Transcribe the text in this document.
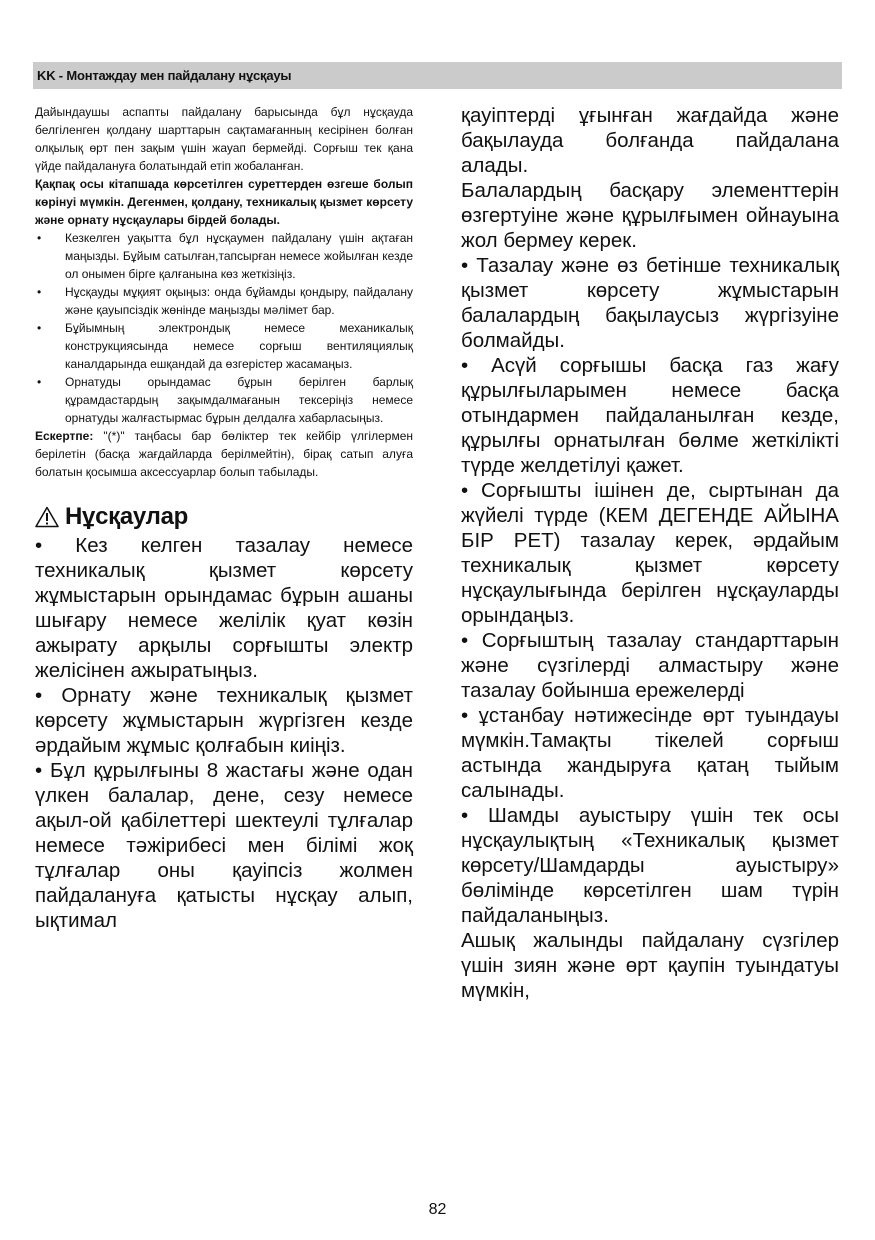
KK - Монтаждау мен пайдалану нұсқауы

Дайындаушы аспапты пайдалану барысында бұл нұсқауда белгіленген қолдану шарттарын сақтамағанның кесірінен болған олқылық өрт пен зақым үшін жауап бермейді. Сорғыш тек қана үйде пайдалануға болатындай етіп жобаланған.

Қақпақ осы кітапшада көрсетілген суреттерден өзгеше болып көрінуі мүмкін. Дегенмен, қолдану, техникалық қызмет көрсету және орнату нұсқаулары бірдей болады.

• Кезкелген уақытта бұл нұсқаумен пайдалану үшін ақтаған маңызды. Бұйым сатылған,тапсырған немесе жойылған кезде ол онымен бірге қалғанына көз жеткізіңіз.
• Нұсқауды мұқият оқыңыз: онда бұйамды қондыру, пайдалану және қауыпсіздік жөнінде маңызды мәлімет бар.
• Бұйымның электрондық немесе механикалық конструкциясында немесе сорғыш вентиляциялық каналдарында ешқандай да өзгерістер жасамаңыз.
• Орнатуды орындамас бұрын берілген барлық құрамдастардың зақымдалмағанын тексеріңіз немесе орнатуды жалғастырмас бұрын делдалға хабарласыңыз.

Ескертпе: "(*)" таңбасы бар бөліктер тек кейбір үлгілермен берілетін (басқа жағдайларда берілмейтін), бірақ сатып алуға болатын қосымша аксессуарлар болып табылады.

Нұсқаулар

• Кез келген тазалау немесе техникалық қызмет көрсету жұмыстарын орындамас бұрын ашаны шығару немесе желілік қуат көзін ажырату арқылы сорғышты электр желісінен ажыратыңыз.

• Орнату және техникалық қызмет көрсету жұмыстарын жүргізген кезде әрдайым жұмыс қолғабын киіңіз.

• Бұл құрылғыны 8 жастағы және одан үлкен балалар, дене, сезу немесе ақыл-ой қабілеттері шектеулі тұлғалар немесе тәжірибесі мен білімі жоқ тұлғалар оны қауіпсіз жолмен пайдалануға қатысты нұсқау алып, ықтимал

қауіптерді ұғынған жағдайда және бақылауда болғанда пайдалана алады.

Балалардың басқару элементтерін өзгертуіне және құрылғымен ойнауына жол бермеу керек.

• Тазалау және өз бетінше техникалық қызмет көрсету жұмыстарын балалардың бақылаусыз жүргізуіне болмайды.

• Асүй сорғышы басқа газ жағу құрылғыларымен немесе басқа отындармен пайдаланылған кезде, құрылғы орнатылған бөлме жеткілікті түрде желдетілуі қажет.

• Сорғышты ішінен де, сыртынан да жүйелі түрде (КЕМ ДЕГЕНДЕ АЙЫНА БІР РЕТ) тазалау керек, әрдайым техникалық қызмет көрсету нұсқаулығында берілген нұсқауларды орындаңыз.

• Сорғыштың тазалау стандарттарын және сүзгілерді алмастыру және тазалау бойынша ережелерді

• ұстанбау нәтижесінде өрт туындауы мүмкін.Тамақты тікелей сорғыш астында жандыруға қатаң тыйым салынады.

• Шамды ауыстыру үшін тек осы нұсқаулықтың «Техникалық қызмет көрсету/Шамдарды ауыстыру» бөлімінде көрсетілген шам түрін пайдаланыңыз.

Ашық жалынды пайдалану сүзгілер үшін зиян және өрт қаупін туындатуы мүмкін,

82
